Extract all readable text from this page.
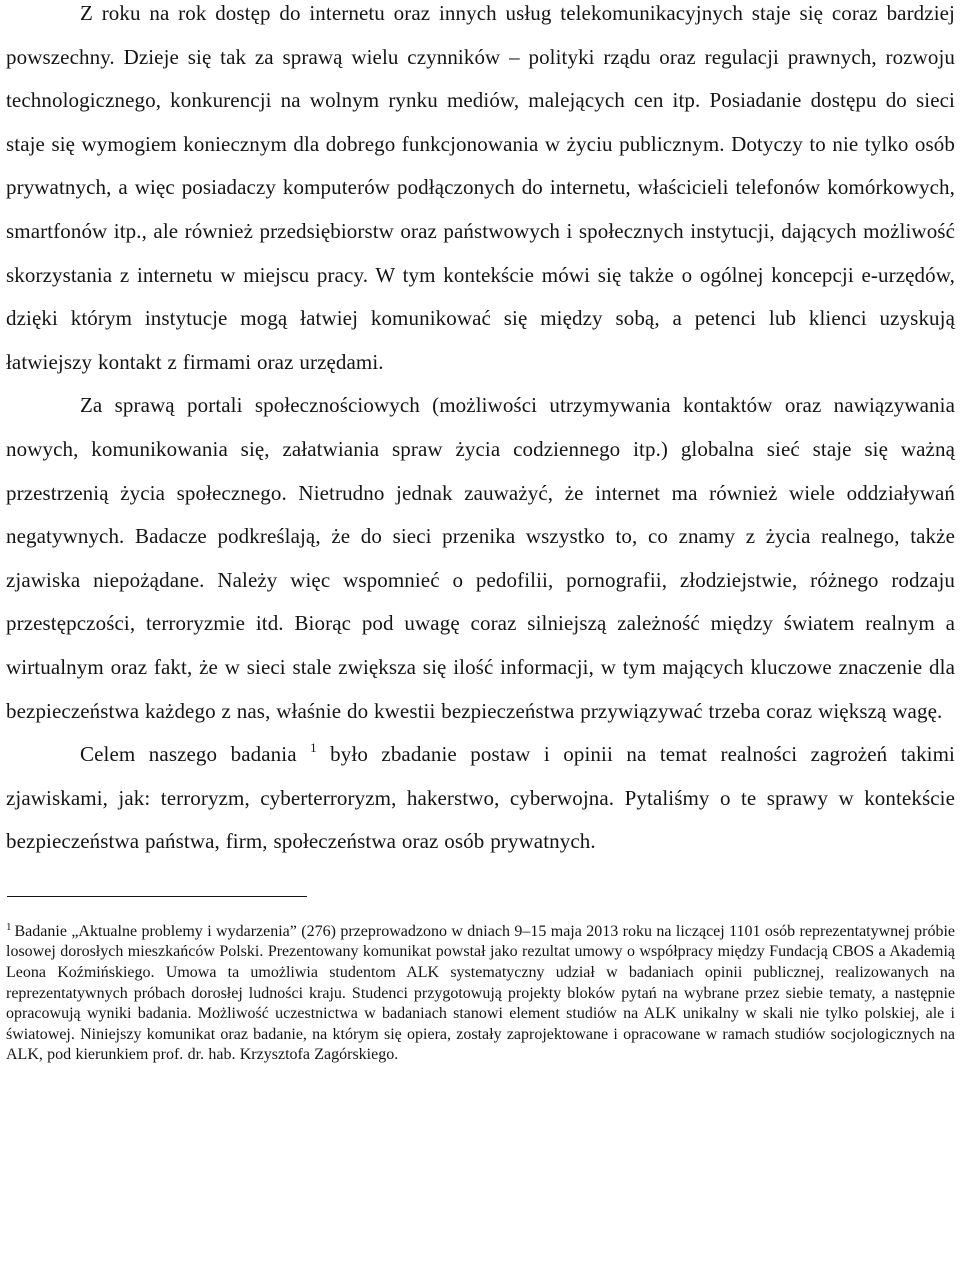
Z roku na rok dostęp do internetu oraz innych usług telekomunikacyjnych staje się coraz bardziej powszechny. Dzieje się tak za sprawą wielu czynników – polityki rządu oraz regulacji prawnych, rozwoju technologicznego, konkurencji na wolnym rynku mediów, malejących cen itp. Posiadanie dostępu do sieci staje się wymogiem koniecznym dla dobrego funkcjonowania w życiu publicznym. Dotyczy to nie tylko osób prywatnych, a więc posiadaczy komputerów podłączonych do internetu, właścicieli telefonów komórkowych, smartfonów itp., ale również przedsiębiorstw oraz państwowych i społecznych instytucji, dających możliwość skorzystania z internetu w miejscu pracy. W tym kontekście mówi się także o ogólnej koncepcji e-urzędów, dzięki którym instytucje mogą łatwiej komunikować się między sobą, a petenci lub klienci uzyskują łatwiejszy kontakt z firmami oraz urzędami.

Za sprawą portali społecznościowych (możliwości utrzymywania kontaktów oraz nawiązywania nowych, komunikowania się, załatwiania spraw życia codziennego itp.) globalna sieć staje się ważną przestrzenią życia społecznego. Nietrudno jednak zauważyć, że internet ma również wiele oddziaływań negatywnych. Badacze podkreślają, że do sieci przenika wszystko to, co znamy z życia realnego, także zjawiska niepożądane. Należy więc wspomnieć o pedofilii, pornografii, złodziejstwie, różnego rodzaju przestępczości, terroryzmie itd. Biorąc pod uwagę coraz silniejszą zależność między światem realnym a wirtualnym oraz fakt, że w sieci stale zwiększa się ilość informacji, w tym mających kluczowe znaczenie dla bezpieczeństwa każdego z nas, właśnie do kwestii bezpieczeństwa przywiązywać trzeba coraz większą wagę.

Celem naszego badania $^1$ było zbadanie postaw i opinii na temat realności zagrożeń takimi zjawiskami, jak: terroryzm, cyberterroryzm, hakerstwo, cyberwojna. Pytaliśmy o te sprawy w kontekście bezpieczeństwa państwa, firm, społeczeństwa oraz osób prywatnych.

$^1$ Badanie „Aktualne problemy i wydarzenia” (276) przeprowadzono w dniach 9–15 maja 2013 roku na liczącej 1101 osób reprezentatywnej próbie losowej dorosłych mieszkańców Polski. Prezentowany komunikat powstał jako rezultat umowy o współpracy między Fundacją CBOS a Akademią Leona Koźmińskiego. Umowa ta umożliwia studentom ALK systematyczny udział w badaniach opinii publicznej, realizowanych na reprezentatywnych próbach dorosłej ludności kraju. Studenci przygotowują projekty bloków pytań na wybrane przez siebie tematy, a następnie opracowują wyniki badania. Możliwość uczestnictwa w badaniach stanowi element studiów na ALK unikalny w skali nie tylko polskiej, ale i światowej. Niniejszy komunikat oraz badanie, na którym się opiera, zostały zaprojektowane i opracowane w ramach studiów socjologicznych na ALK, pod kierunkiem prof. dr. hab. Krzysztofa Zagórskiego.
